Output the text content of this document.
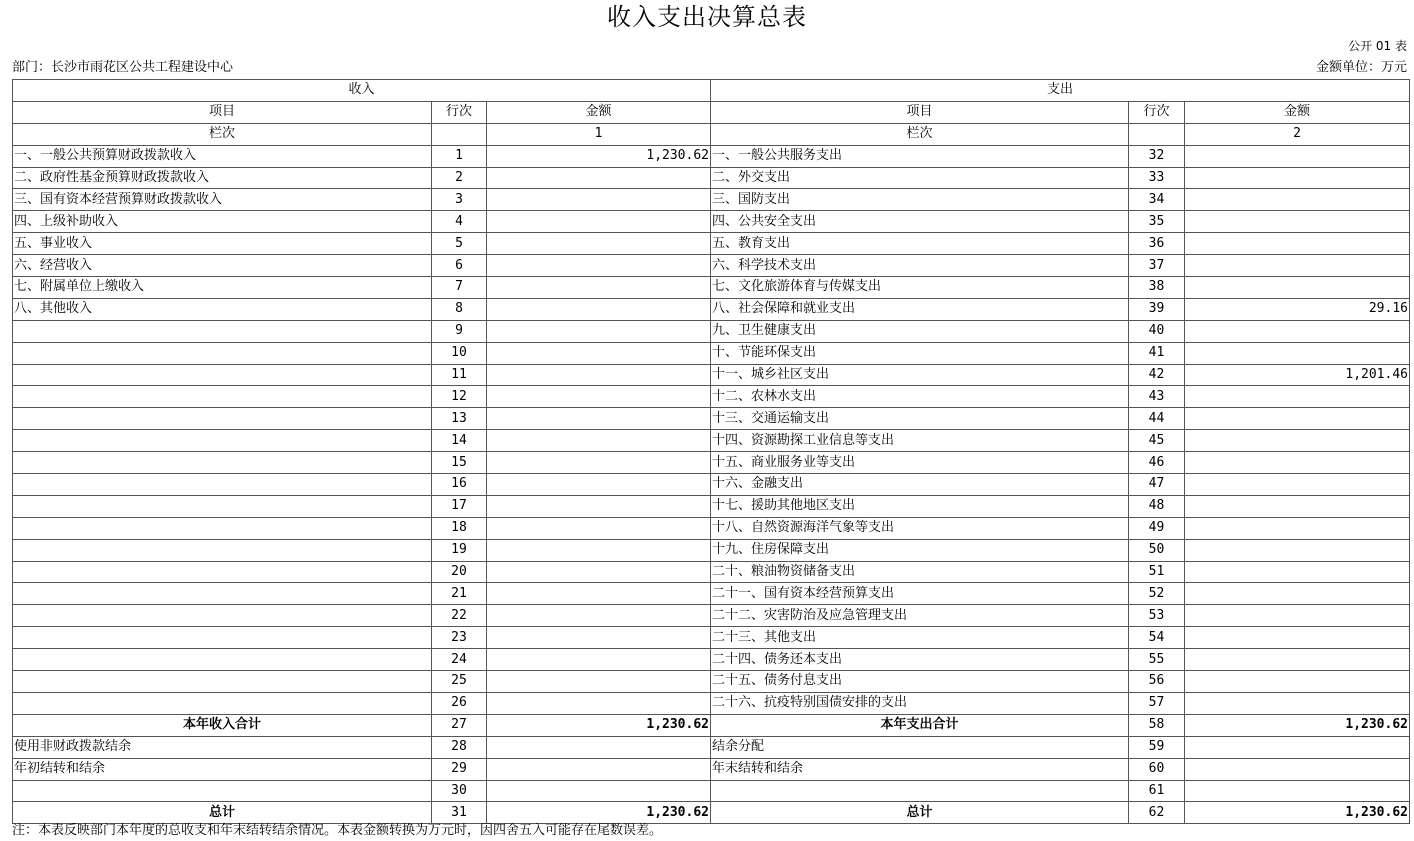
收入支出决算总表
公开 01 表
部门：长沙市雨花区公共工程建设中心	金额单位：万元
收入			支出		
项目	行次	金额	项目	行次	金额
栏次		1	栏次		2
一、一般公共预算财政拨款收入	1	1,230.62	一、一般公共服务支出	32	
二、政府性基金预算财政拨款收入	2		二、外交支出	33	
三、国有资本经营预算财政拨款收入	3		三、国防支出	34	
四、上级补助收入	4		四、公共安全支出	35	
五、事业收入	5		五、教育支出	36	
六、经营收入	6		六、科学技术支出	37	
七、附属单位上缴收入	7		七、文化旅游体育与传媒支出	38	
八、其他收入	8		八、社会保障和就业支出	39	29.16
	9		九、卫生健康支出	40	
	10		十、节能环保支出	41	
	11		十一、城乡社区支出	42	1,201.46
	12		十二、农林水支出	43	
	13		十三、交通运输支出	44	
	14		十四、资源勘探工业信息等支出	45	
	15		十五、商业服务业等支出	46	
	16		十六、金融支出	47	
	17		十七、援助其他地区支出	48	
	18		十八、自然资源海洋气象等支出	49	
	19		十九、住房保障支出	50	
	20		二十、粮油物资储备支出	51	
	21		二十一、国有资本经营预算支出	52	
	22		二十二、灾害防治及应急管理支出	53	
	23		二十三、其他支出	54	
	24		二十四、债务还本支出	55	
	25		二十五、债务付息支出	56	
	26		二十六、抗疫特别国债安排的支出	57	
本年收入合计	27	1,230.62	本年支出合计	58	1,230.62
使用非财政拨款结余	28		结余分配	59	
年初结转和结余	29		年末结转和结余	60	
	30			61	
总计	31	1,230.62	总计	62	1,230.62
注：本表反映部门本年度的总收支和年末结转结余情况。本表金额转换为万元时，因四舍五入可能存在尾数误差。
